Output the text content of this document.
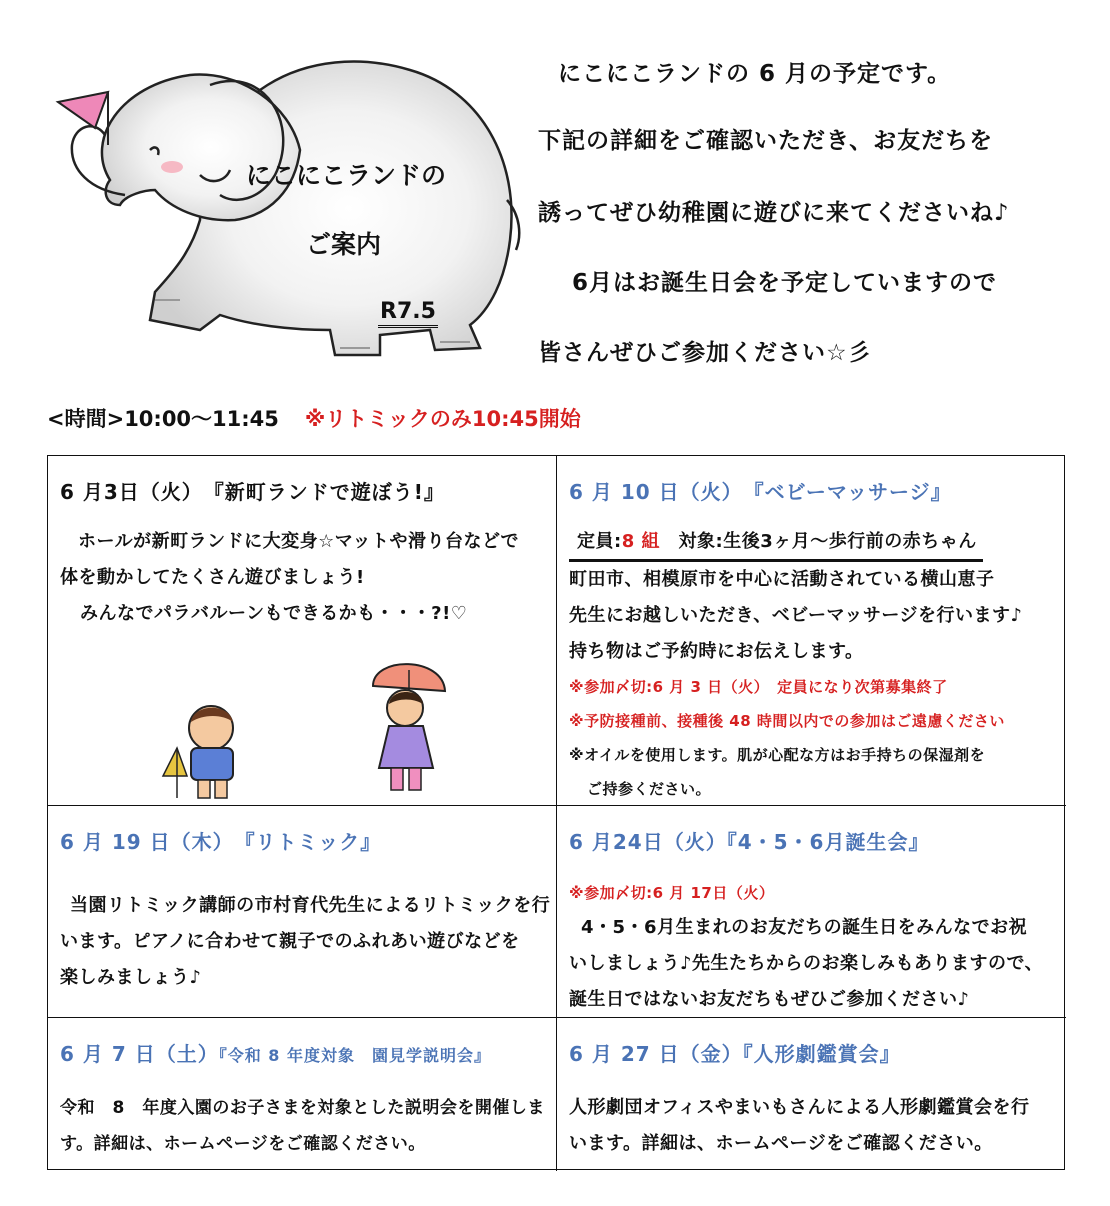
にこにこランドの
ご案内
R7.5
にこにこランドの 6 月の予定です。
下記の詳細をご確認いただき、お友だちを
誘ってぜひ幼稚園に遊びに来てくださいね♪
6月はお誕生日会を予定していますので
皆さんぜひご参加ください☆彡
<時間>10:00～11:45 ※リトミックのみ10:45開始
6 月3日（火）　『新町ランドで遊ぼう!』
ホールが新町ランドに大変身☆マットや滑り台などで
体を動かしてたくさん遊びましょう!
みんなでパラバルーンもできるかも・・・?!♡
6 月 10 日（火）　『ベビーマッサージ』
定員:8 組　 対象:生後3ヶ月～歩行前の赤ちゃん
町田市、相模原市を中心に活動されている横山恵子
先生にお越しいただき、ベビーマッサージを行います♪
持ち物はご予約時にお伝えします。
※参加〆切:6 月 3 日（火）　定員になり次第募集終了
※予防接種前、接種後 48 時間以内での参加はご遠慮ください
※オイルを使用します。肌が心配な方はお手持ちの保湿剤を
ご持参ください。
6 月 19 日（木）　『リトミック』
当園リトミック講師の市村育代先生によるリトミックを行
います。ピアノに合わせて親子でのふれあい遊びなどを
楽しみましょう♪
6 月24日（火）『4・5・6月誕生会』
※参加〆切:6 月 17日（火）
4・5・6月生まれのお友だちの誕生日をみんなでお祝
いしましょう♪先生たちからのお楽しみもありますので、
誕生日ではないお友だちもぜひご参加ください♪
6 月 7 日（土）『令和 8 年度対象　園見学説明会』
令和　8　年度入園のお子さまを対象とした説明会を開催しま
す。詳細は、ホームページをご確認ください。
6 月 27 日（金）『人形劇鑑賞会』
人形劇団オフィスやまいもさんによる人形劇鑑賞会を行
います。詳細は、ホームページをご確認ください。
